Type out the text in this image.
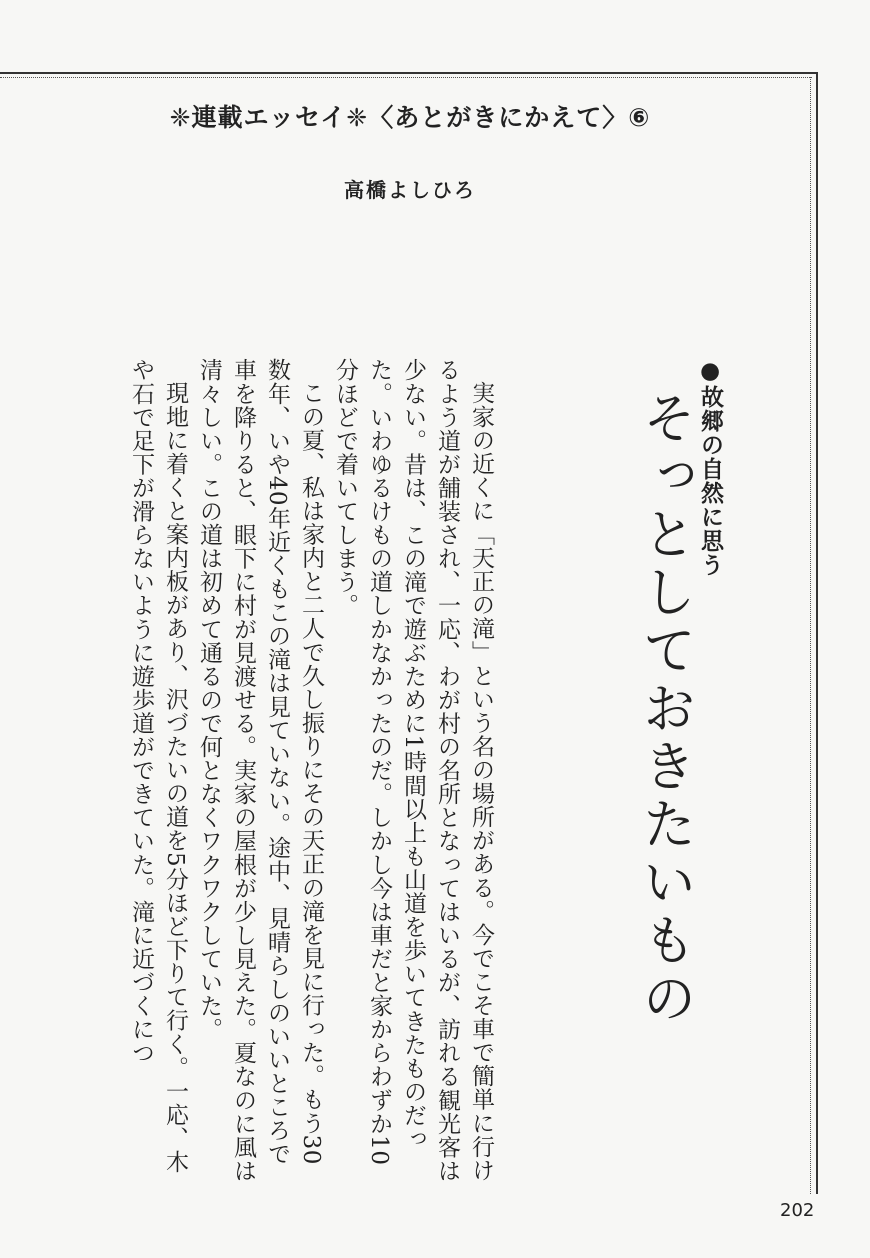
❈連載エッセイ❈〈あとがきにかえて〉⑥
高橋よしひろ
●故郷の自然に思う
そっとしておきたいもの

実家の近くに「天正の滝」という名の場所がある。今でこそ車で簡単に行けるよう道が舗装され、一応、わが村の名所となってはいるが、訪れる観光客は少ない。昔は、この滝で遊ぶために1時間以上も山道を歩いてきたものだった。いわゆるけもの道しかなかったのだ。しかし今は車だと家からわずか10分ほどで着いてしまう。

この夏、私は家内と二人で久し振りにその天正の滝を見に行った。もう30数年、いや40年近くもこの滝は見ていない。途中、見晴らしのいいところで車を降りると、眼下に村が見渡せる。実家の屋根が少し見えた。夏なのに風は清々しい。この道は初めて通るので何となくワクワクしていた。

現地に着くと案内板があり、沢づたいの道を5分ほど下りて行く。一応、木や石で足下が滑らないように遊歩道ができていた。滝に近づくにつ

202
